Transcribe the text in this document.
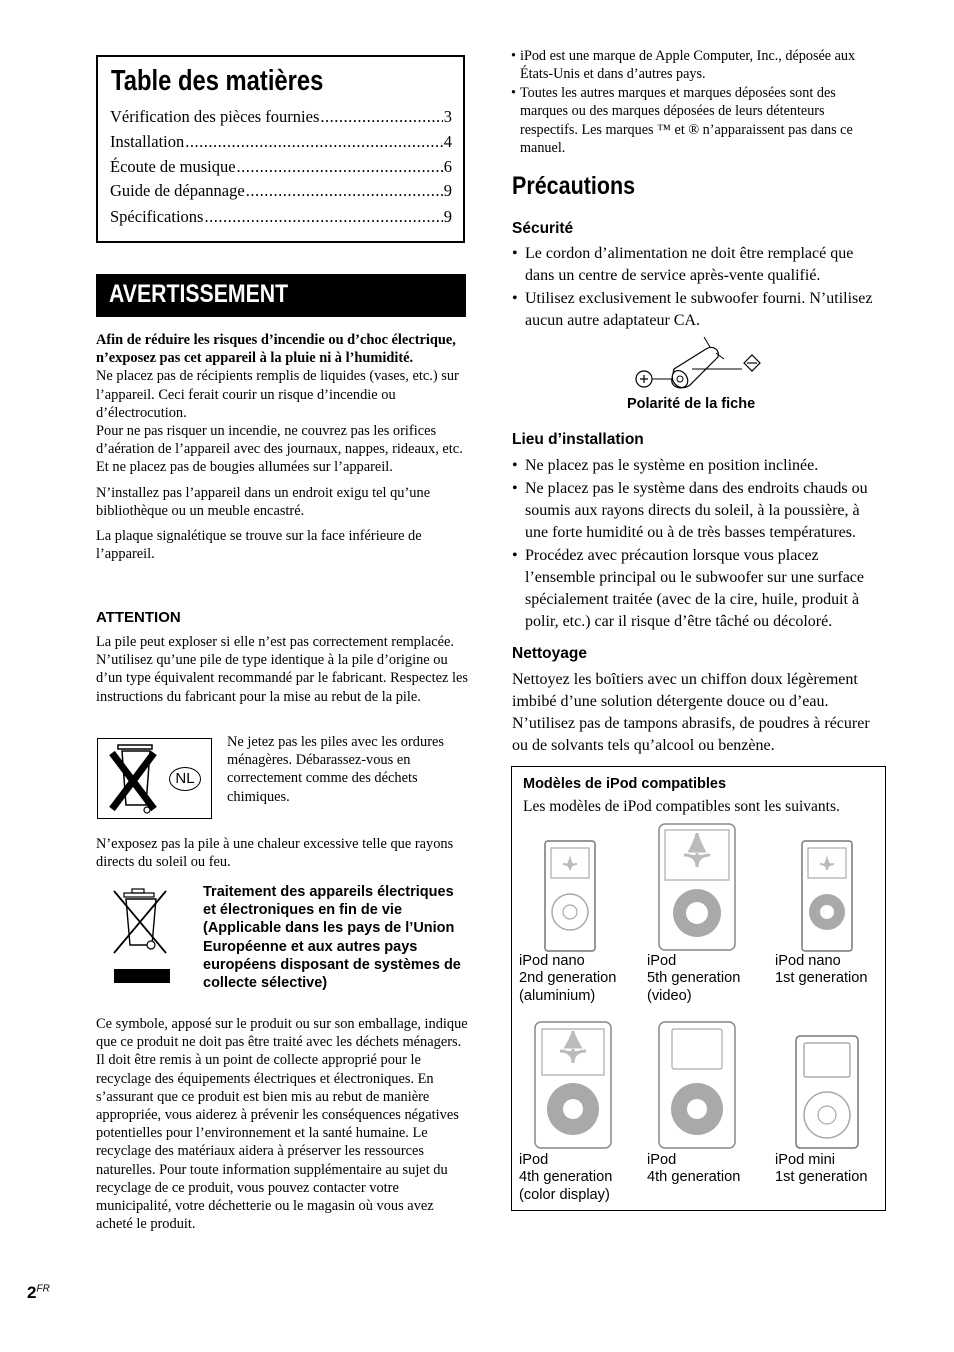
Table des matières
Vérification des pièces fournies .....	3
Installation .....	4
Écoute de musique .....	6
Guide de dépannage .....	9
Spécifications .....	9
AVERTISSEMENT

Afin de réduire les risques d’incendie ou d’choc électrique, n’exposez pas cet appareil à la pluie ni à l’humidité.

Ne placez pas de récipients remplis de liquides (vases, etc.) sur l’appareil. Ceci ferait courir un risque d’incendie ou d’électrocution.

Pour ne pas risquer un incendie, ne couvrez pas les orifices d’aération de l’appareil avec des journaux, nappes, rideaux, etc. Et ne placez pas de bougies allumées sur l’appareil.

N’installez pas l’appareil dans un endroit exigu tel qu’une bibliothèque ou un meuble encastré.

La plaque signalétique se trouve sur la face inférieure de l’appareil.

ATTENTION
La pile peut exploser si elle n’est pas correctement remplacée. N’utilisez qu’une pile de type identique à la pile d’origine ou d’un type équivalent recommandé par le fabricant. Respectez les instructions du fabricant pour la mise au rebut de la pile.
NL
Ne jetez pas les piles avec les ordures ménagères. Débarassez-vous en correctement comme des déchets chimiques.
N’exposez pas la pile à une chaleur excessive telle que rayons directs du soleil ou feu.
Traitement des appareils électriques et électroniques en fin de vie (Applicable dans les pays de l’Union Européenne et aux autres pays européens disposant de systèmes de collecte sélective)
Ce symbole, apposé sur le produit ou sur son emballage, indique que ce produit ne doit pas être traité avec les déchets ménagers. Il doit être remis à un point de collecte approprié pour le recyclage des équipements électriques et électroniques. En s’assurant que ce produit est bien mis au rebut de manière appropriée, vous aiderez à prévenir les conséquences négatives potentielles pour l’environnement et la santé humaine. Le recyclage des matériaux aidera à préserver les ressources naturelles. Pour toute information supplémentaire au sujet du recyclage de ce produit, vous pouvez contacter votre municipalité, votre déchetterie ou le magasin où vous avez acheté le produit.
• iPod est une marque de Apple Computer, Inc., déposée aux États-Unis et dans d’autres pays.
• Toutes les autres marques et marques déposées sont des marques ou des marques déposées de leurs détenteurs respectifs. Les marques ™ et ® n’apparaissent pas dans ce manuel.
Précautions
Sécurité
• Le cordon d’alimentation ne doit être remplacé que dans un centre de service après-vente qualifié.
• Utilisez exclusivement le subwoofer fourni. N’utilisez aucun autre adaptateur CA.
Polarité de la fiche
Lieu d’installation
• Ne placez pas le système en position inclinée.
• Ne placez pas le système dans des endroits chauds ou soumis aux rayons directs du soleil, à la poussière, à une forte humidité ou à de très basses températures.
• Procédez avec précaution lorsque vous placez l’ensemble principal ou le subwoofer sur une surface spécialement traitée (avec de la cire, huile, produit à polir, etc.) car il risque d’être tâché ou décoloré.
Nettoyage
Nettoyez les boîtiers avec un chiffon doux légèrement imbibé d’une solution détergente douce ou d’eau. N’utilisez pas de tampons abrasifs, de poudres à récurer ou de solvants tels qu’alcool ou benzène.
Modèles de iPod compatibles
Les modèles de iPod compatibles sont les suivants.
iPod nano
2nd generation
(aluminium)
iPod
5th generation
(video)
iPod nano
1st generation
iPod
4th generation
(color display)
iPod
4th generation
iPod mini
1st generation
$2^{FR}$
